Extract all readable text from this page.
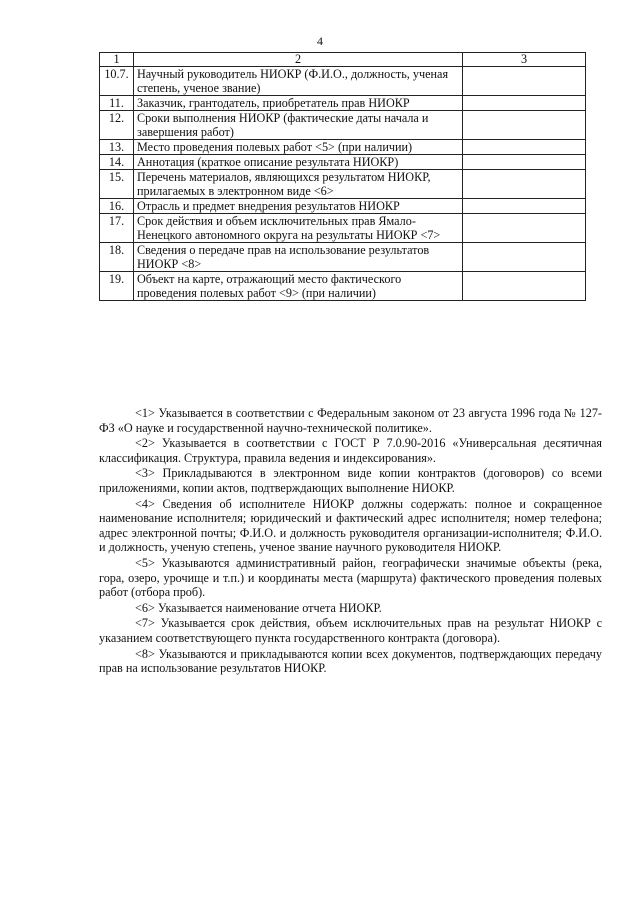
4
1	2	3
10.7.	Научный руководитель НИОКР (Ф.И.О., должность, ученая степень, ученое звание)	
11.	Заказчик, грантодатель, приобретатель прав НИОКР	
12.	Сроки выполнения НИОКР (фактические даты начала и завершения работ)	
13.	Место проведения полевых работ <5> (при наличии)	
14.	Аннотация (краткое описание результата НИОКР)	
15.	Перечень материалов, являющихся результатом НИОКР, прилагаемых в электронном виде <6>	
16.	Отрасль и предмет внедрения результатов НИОКР	
17.	Срок действия и объем исключительных прав Ямало-Ненецкого автономного округа на результаты НИОКР <7>	
18.	Сведения о передаче прав на использование результатов НИОКР <8>	
19.	Объект на карте, отражающий место фактического проведения полевых работ <9> (при наличии)	

<1> Указывается в соответствии с Федеральным законом от 23 августа 1996 года № 127-ФЗ «О науке и государственной научно-технической политике».

<2> Указывается в соответствии с ГОСТ Р 7.0.90-2016 «Универсальная десятичная классификация. Структура, правила ведения и индексирования».

<3> Прикладываются в электронном виде копии контрактов (договоров) со всеми приложениями, копии актов, подтверждающих выполнение НИОКР.

<4> Сведения об исполнителе НИОКР должны содержать: полное и сокращенное наименование исполнителя; юридический и фактический адрес исполнителя; номер телефона; адрес электронной почты; Ф.И.О. и должность руководителя организации-исполнителя; Ф.И.О. и должность, ученую степень, ученое звание научного руководителя НИОКР.

<5> Указываются административный район, географически значимые объекты (река, гора, озеро, урочище и т.п.) и координаты места (маршрута) фактического проведения полевых работ (отбора проб).

<6> Указывается наименование отчета НИОКР.

<7> Указывается срок действия, объем исключительных прав на результат НИОКР с указанием соответствующего пункта государственного контракта (договора).

<8> Указываются и прикладываются копии всех документов, подтверждающих передачу прав на использование результатов НИОКР.
